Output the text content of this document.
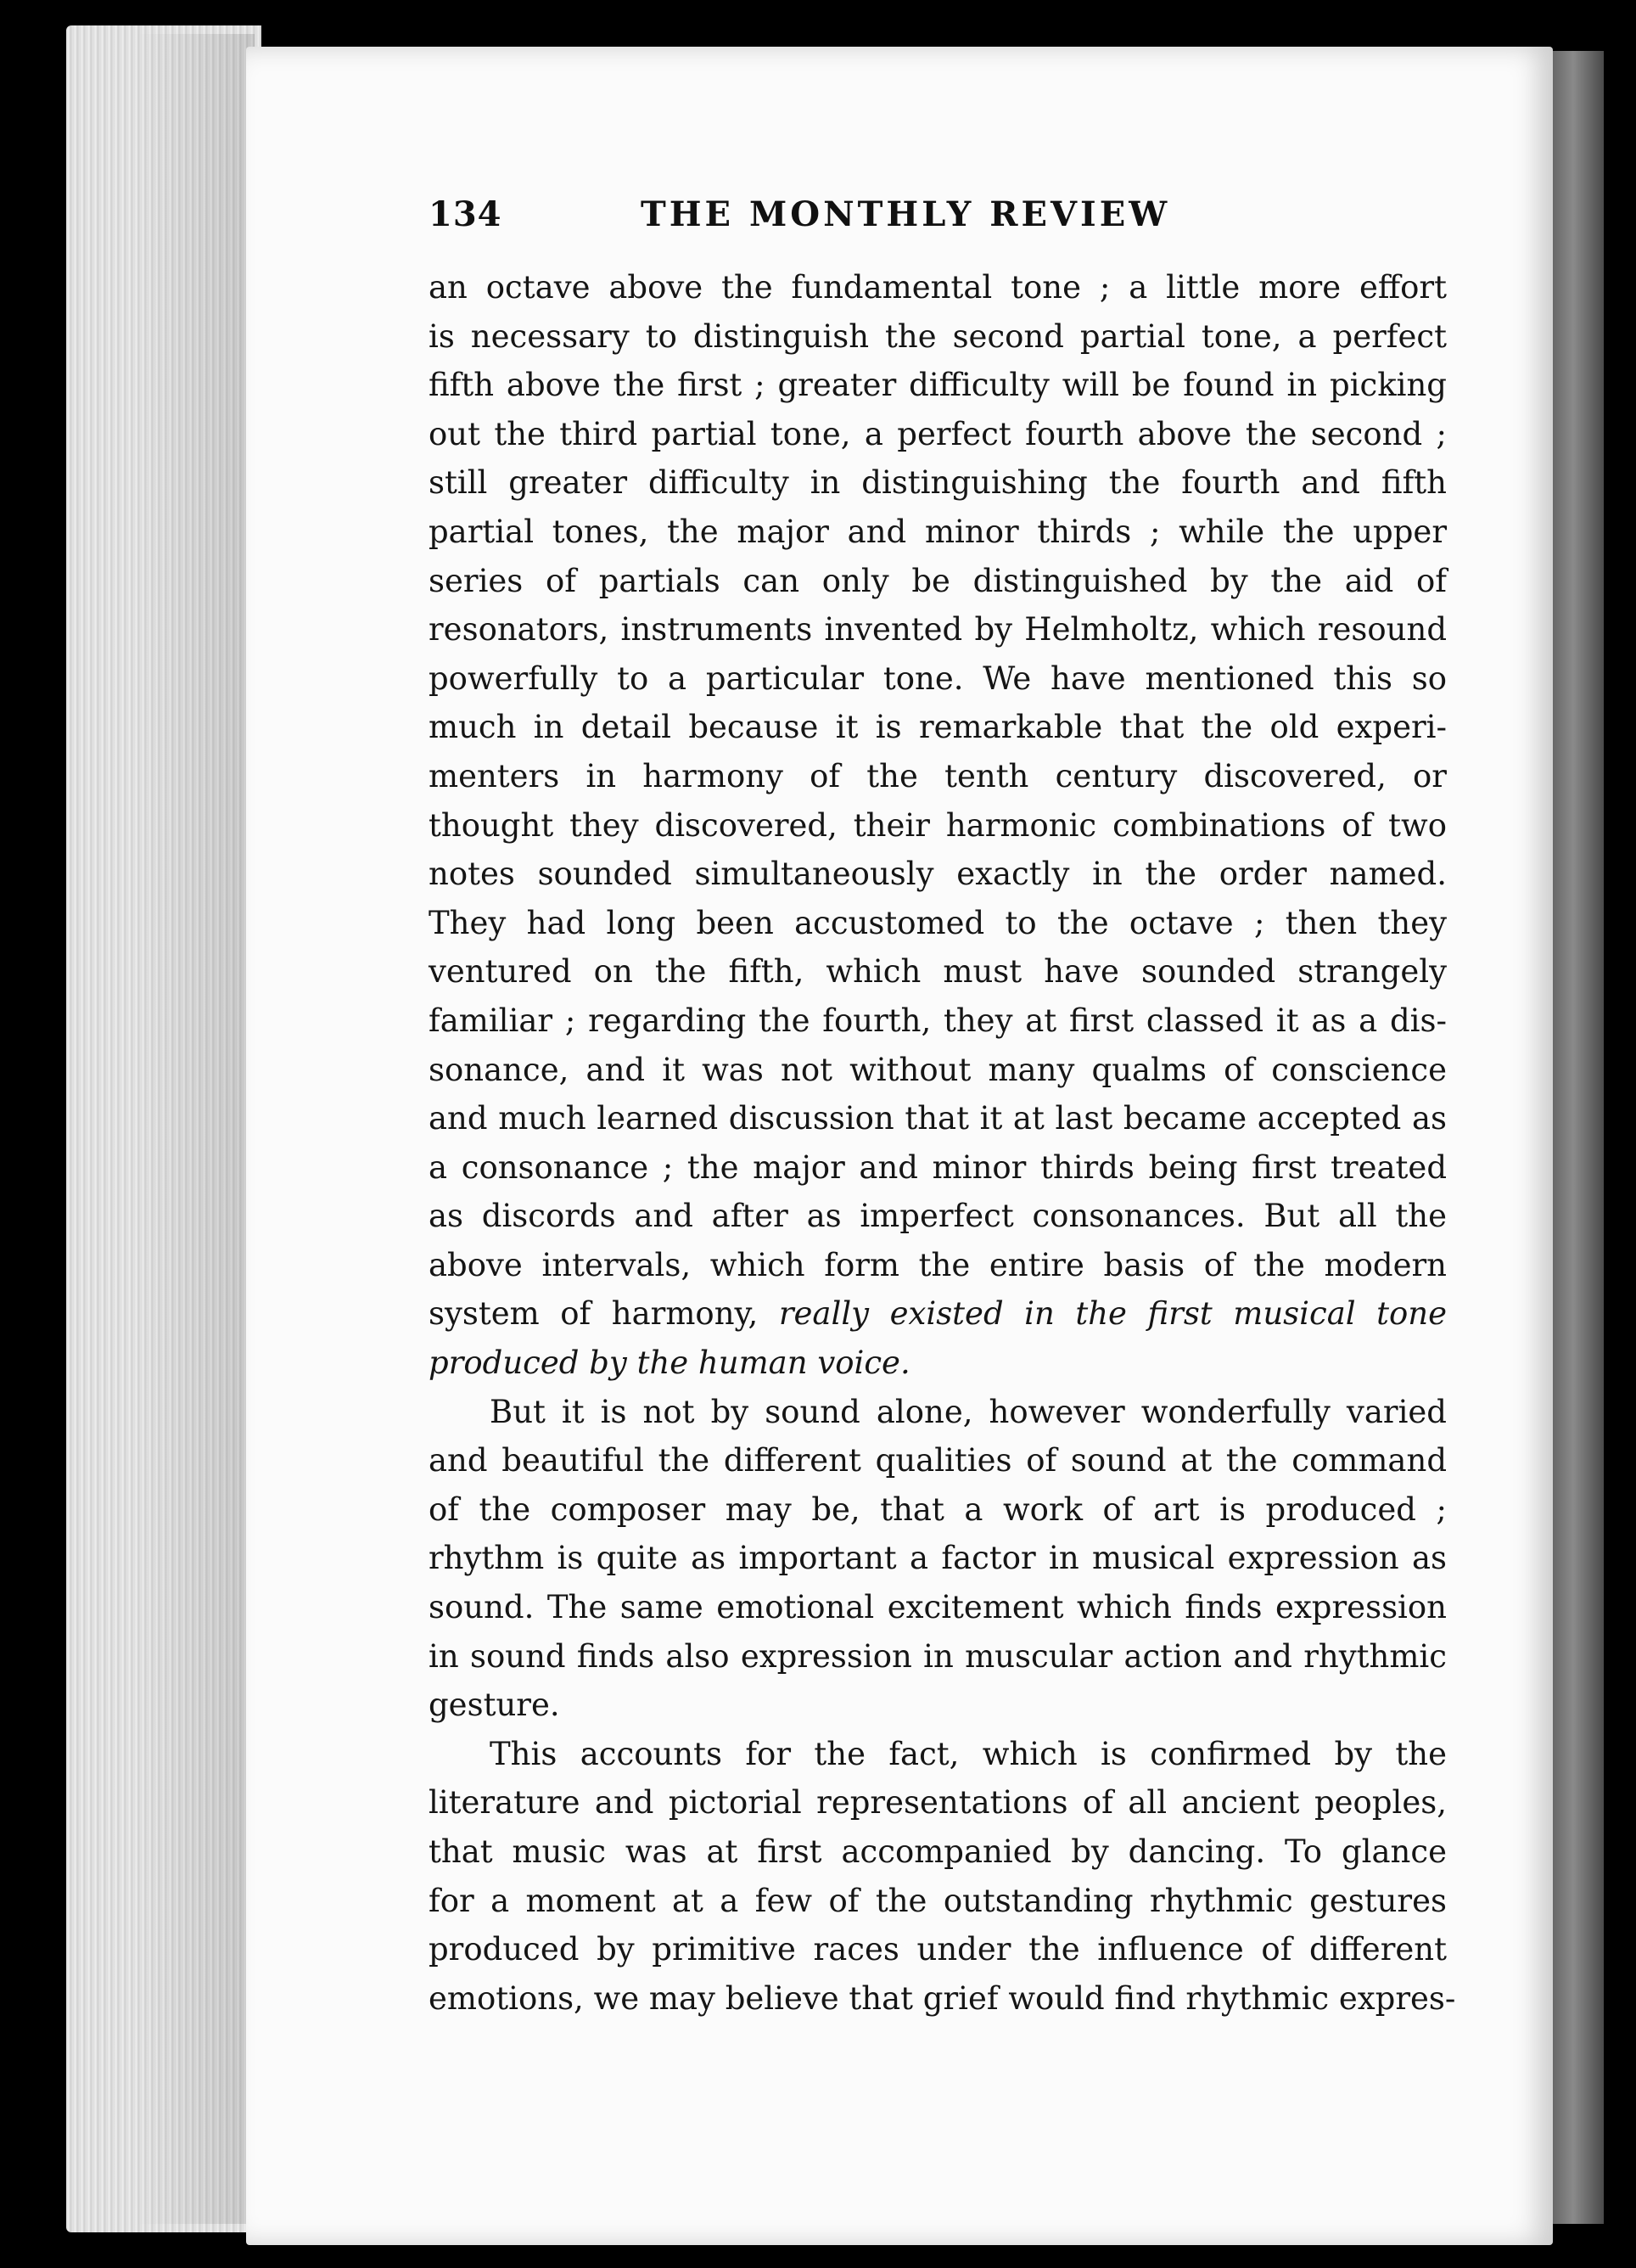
134	THE MONTHLY REVIEW
an octave above the fundamental tone ; a little more effort
is necessary to distinguish the second partial tone, a perfect
fifth above the first ; greater difficulty will be found in picking
out the third partial tone, a perfect fourth above the second ;
still greater difficulty in distinguishing the fourth and fifth
partial tones, the major and minor thirds ; while the upper
series of partials can only be distinguished by the aid of
resonators, instruments invented by Helmholtz, which resound
powerfully to a particular tone. We have mentioned this so
much in detail because it is remarkable that the old experi-
menters in harmony of the tenth century discovered, or
thought they discovered, their harmonic combinations of two
notes sounded simultaneously exactly in the order named.
They had long been accustomed to the octave ; then they
ventured on the fifth, which must have sounded strangely
familiar ; regarding the fourth, they at first classed it as a dis-
sonance, and it was not without many qualms of conscience
and much learned discussion that it at last became accepted as
a consonance ; the major and minor thirds being first treated
as discords and after as imperfect consonances. But all the
above intervals, which form the entire basis of the modern
system of harmony, really existed in the first musical tone
produced by the human voice.
But it is not by sound alone, however wonderfully varied
and beautiful the different qualities of sound at the command
of the composer may be, that a work of art is produced ;
rhythm is quite as important a factor in musical expression as
sound. The same emotional excitement which finds expression
in sound finds also expression in muscular action and rhythmic
gesture.
This accounts for the fact, which is confirmed by the
literature and pictorial representations of all ancient peoples,
that music was at first accompanied by dancing. To glance
for a moment at a few of the outstanding rhythmic gestures
produced by primitive races under the influence of different
emotions, we may believe that grief would find rhythmic expres-
